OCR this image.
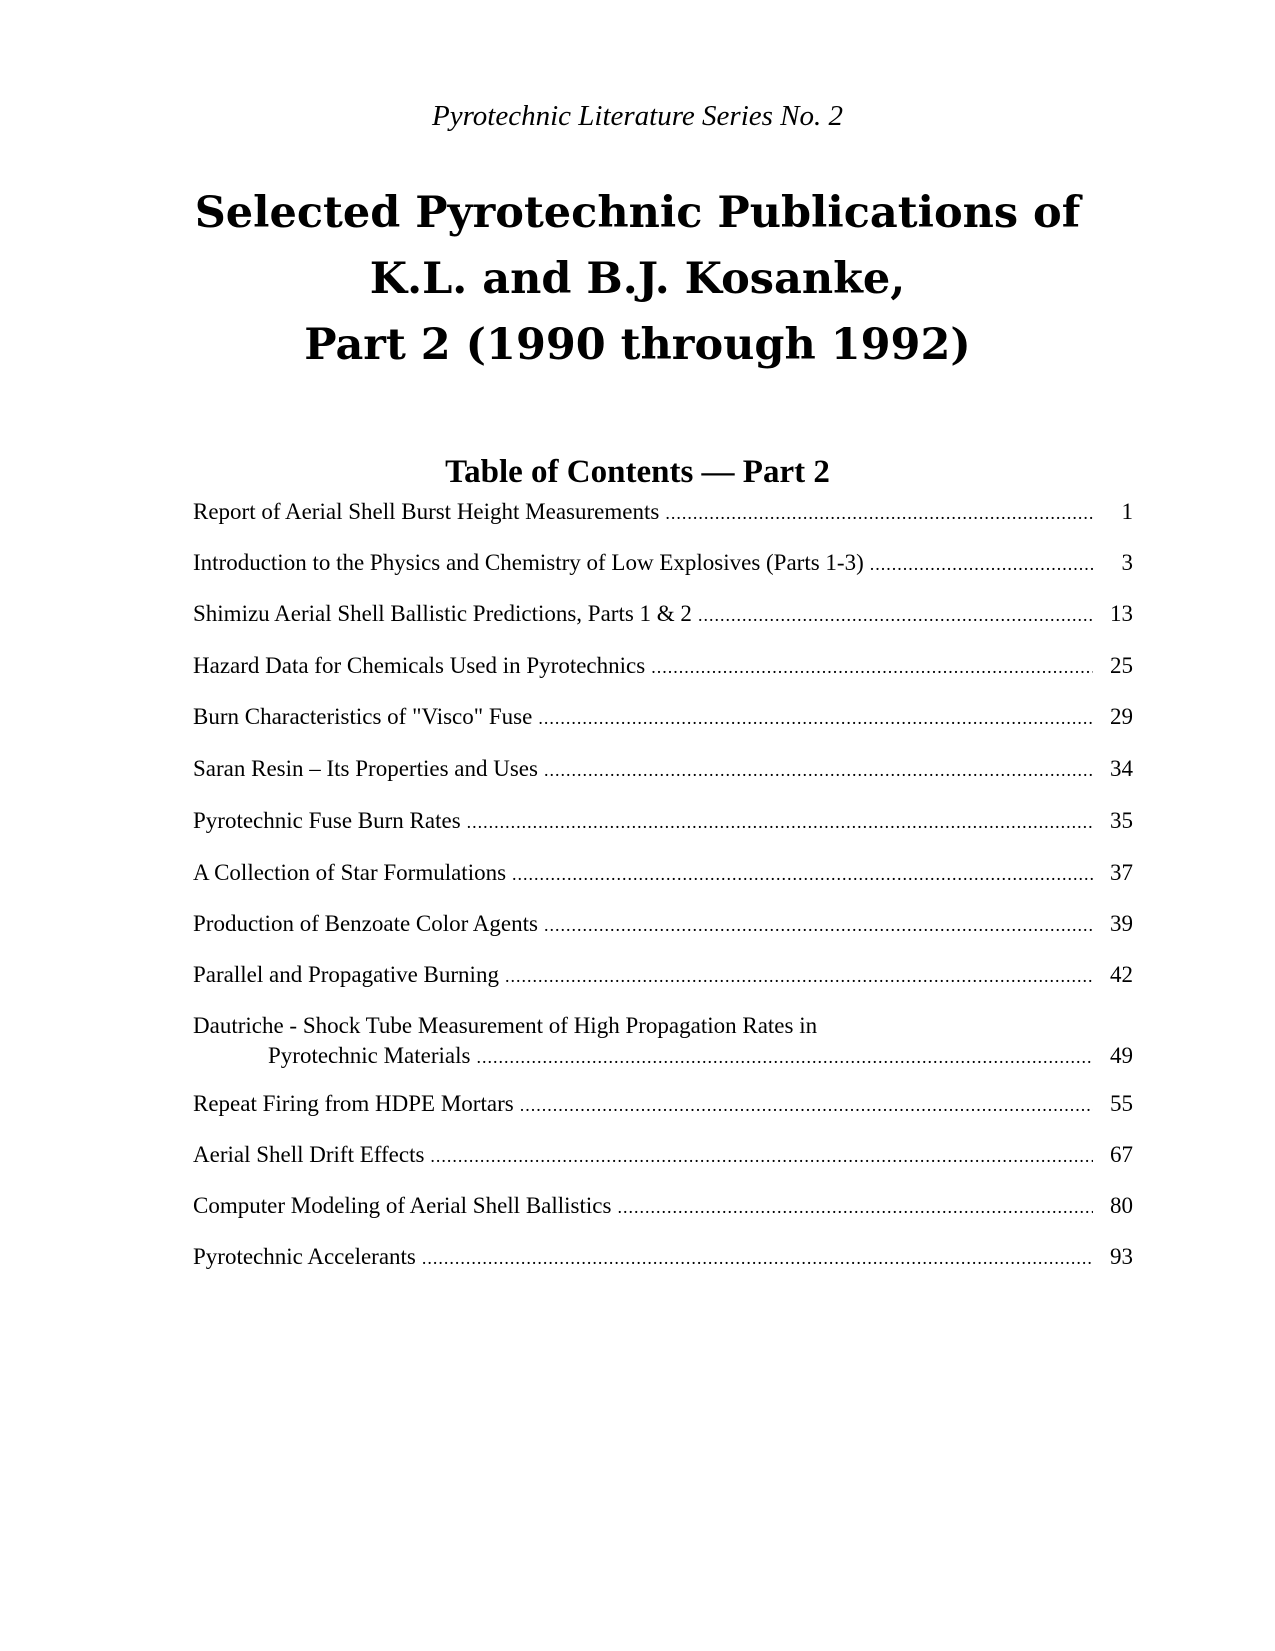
Pyrotechnic Literature Series No. 2
Selected Pyrotechnic Publications of
K.L. and B.J. Kosanke,
Part 2 (1990 through 1992)
Table of Contents — Part 2
Report of Aerial Shell Burst Height Measurements .....	1
Introduction to the Physics and Chemistry of Low Explosives (Parts 1-3) .....	3
Shimizu Aerial Shell Ballistic Predictions, Parts 1 & 2 .....	13
Hazard Data for Chemicals Used in Pyrotechnics .....	25
Burn Characteristics of "Visco" Fuse .....	29
Saran Resin – Its Properties and Uses .....	34
Pyrotechnic Fuse Burn Rates .....	35
A Collection of Star Formulations .....	37
Production of Benzoate Color Agents .....	39
Parallel and Propagative Burning .....	42
Dautriche - Shock Tube Measurement of High Propagation Rates in
Pyrotechnic Materials .....	49
Repeat Firing from HDPE Mortars .....	55
Aerial Shell Drift Effects .....	67
Computer Modeling of Aerial Shell Ballistics .....	80
Pyrotechnic Accelerants .....	93
